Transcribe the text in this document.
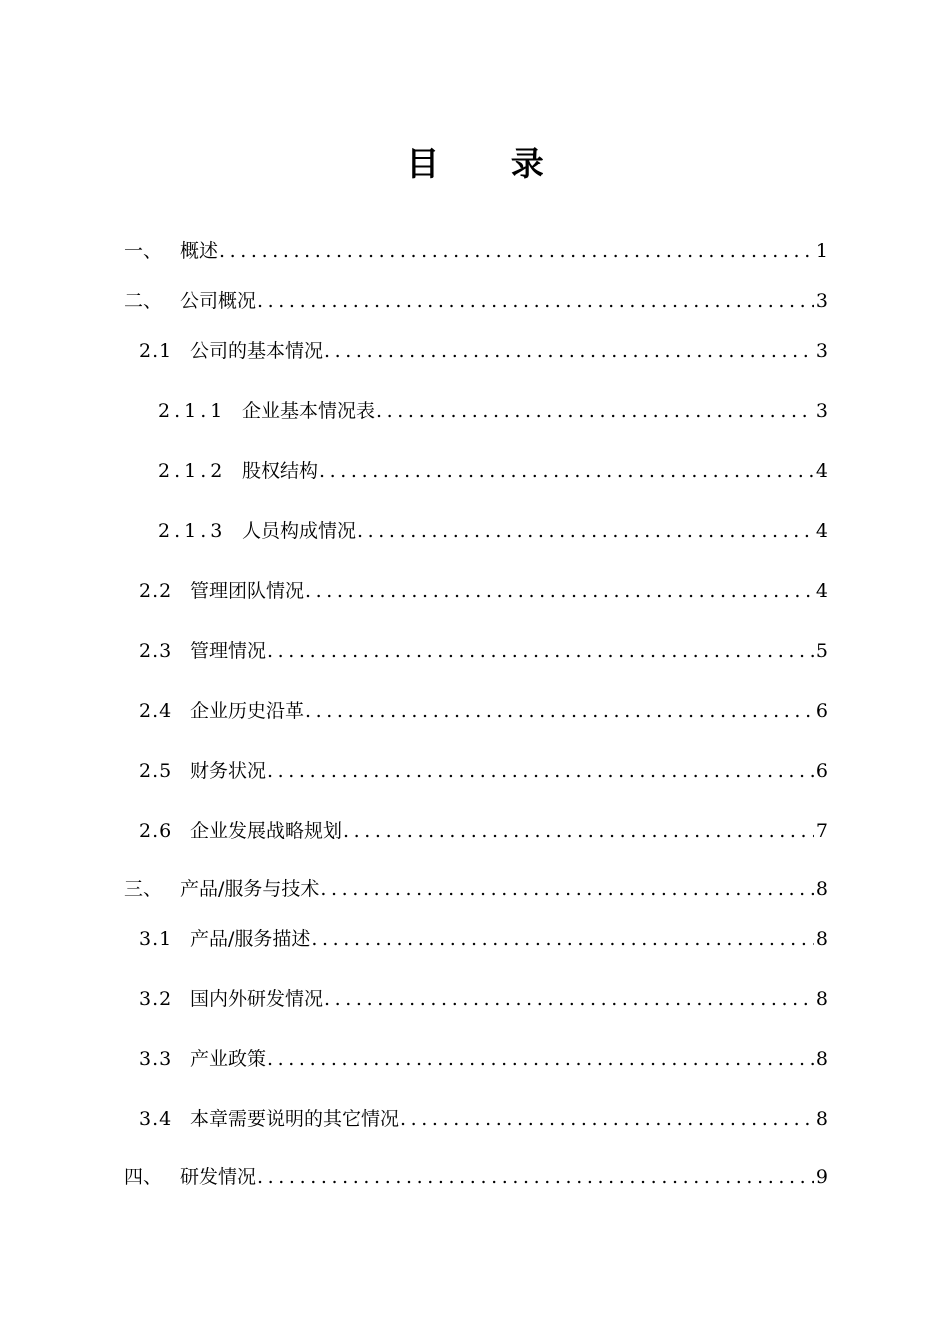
目 录
一、 概述 .....	1
二、 公司概况 .....	3
2.1 公司的基本情况 .....	3
2.1.1 企业基本情况表 .....	3
2.1.2 股权结构 .....	4
2.1.3 人员构成情况 .....	4
2.2 管理团队情况 .....	4
2.3 管理情况 .....	5
2.4 企业历史沿革 .....	6
2.5 财务状况 .....	6
2.6 企业发展战略规划 .....	7
三、 产品/服务与技术 .....	8
3.1 产品/服务描述 .....	8
3.2 国内外研发情况 .....	8
3.3 产业政策 .....	8
3.4 本章需要说明的其它情况 .....	8
四、 研发情况 .....	9
